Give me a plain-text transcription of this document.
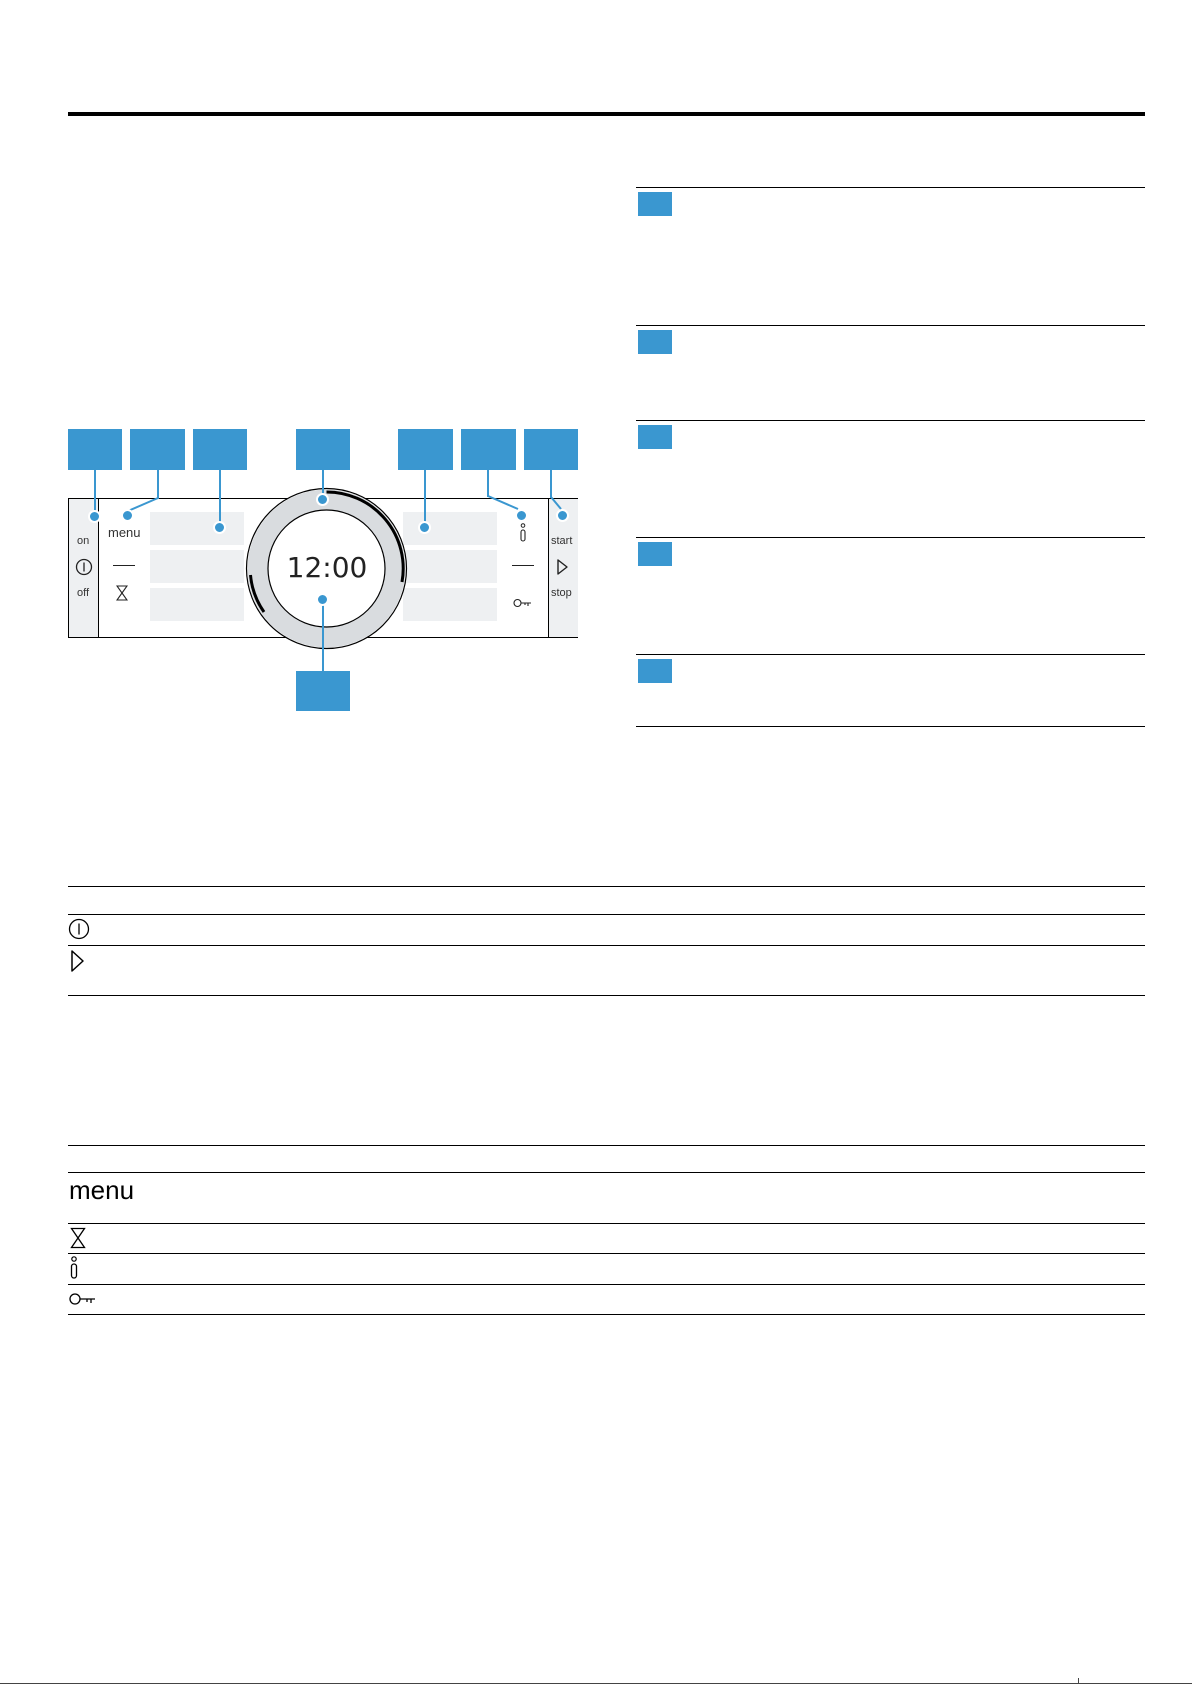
on
off
start
stop
menu
12:00
menu
